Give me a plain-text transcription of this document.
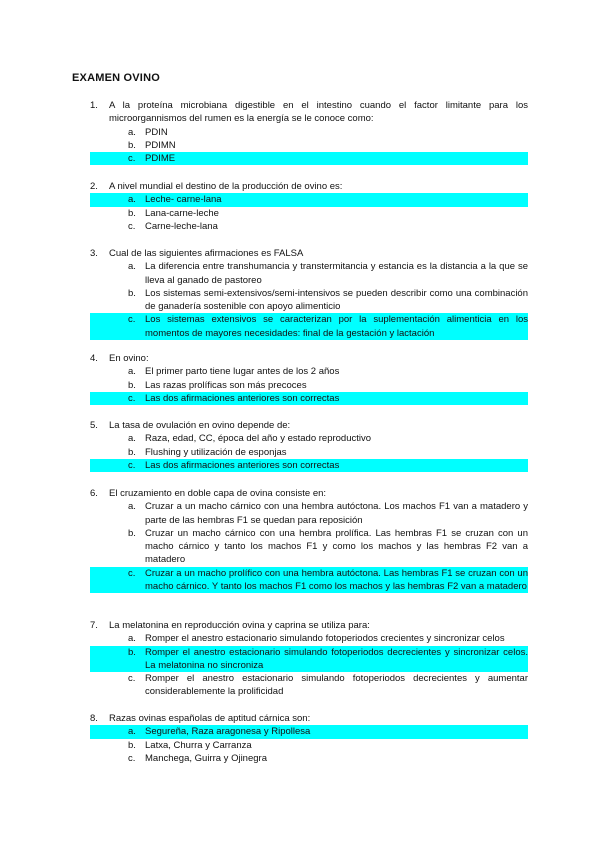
EXAMEN OVINO
1.	A la proteína microbiana digestible en el intestino cuando el factor limitante para los microorgannismos del rumen es la energía se le conoce como:
a. PDIN
b. PDIMN
c. PDIME
2.	A nivel mundial el destino de la producción de ovino es:
a. Leche- carne-lana
b. Lana-carne-leche
c. Carne-leche-lana
3.	Cual de las siguientes afirmaciones es FALSA
a. La diferencia entre transhumancia y transtermitancia y estancia es la distancia a la que se lleva al ganado de pastoreo
b. Los sistemas semi-extensivos/semi-intensivos se pueden describir como una combinación de ganadería sostenible con apoyo alimenticio
c. Los sistemas extensivos se caracterizan por la suplementación alimenticia en los momentos de mayores necesidades: final de la gestación y lactación
4.	En ovino:
a. El primer parto tiene lugar antes de los 2 años
b. Las razas prolíficas son más precoces
c. Las dos afirmaciones anteriores son correctas
5.	La tasa de ovulación en ovino depende de:
a. Raza, edad, CC, época del año y estado reproductivo
b. Flushing y utilización de esponjas
c. Las dos afirmaciones anteriores son correctas
6.	El cruzamiento en doble capa de ovina consiste en:
a. Cruzar a un macho cárnico con una hembra autóctona. Los machos F1 van a matadero y parte de las hembras F1 se quedan para reposición
b. Cruzar un macho cárnico con una hembra prolífica. Las hembras F1 se cruzan con un macho cárnico y tanto los machos F1 y como los machos y las hembras F2 van a matadero
c. Cruzar a un macho prolífico con una hembra autóctona. Las hembras F1 se cruzan con un macho cárnico. Y tanto los machos F1 como los machos y las hembras F2 van a matadero
7.	La melatonina en reproducción ovina y caprina se utiliza para:
a. Romper el anestro estacionario simulando fotoperiodos crecientes y sincronizar celos
b. Romper el anestro estacionario simulando fotoperiodos decrecientes y sincronizar celos. La melatonina no sincroniza
c. Romper el anestro estacionario simulando fotoperiodos decrecientes y aumentar considerablemente la prolificidad
8.	Razas ovinas españolas de aptitud cárnica son:
a. Segureña, Raza aragonesa y Ripollesa
b. Latxa, Churra y Carranza
c. Manchega, Guirra y Ojinegra
